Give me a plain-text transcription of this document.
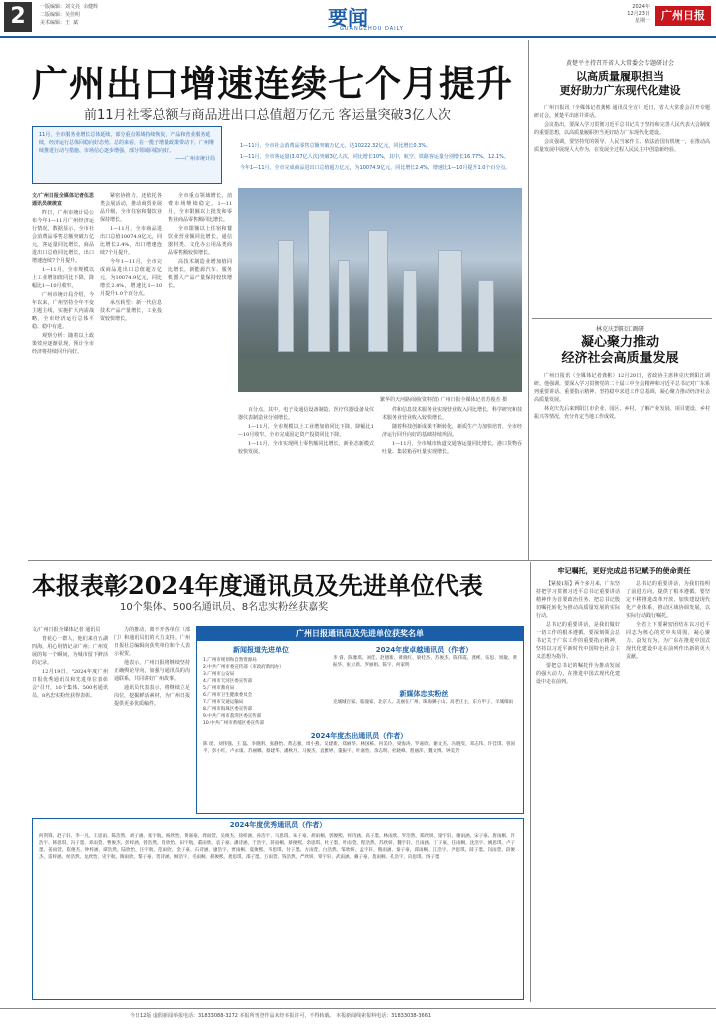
2	一版编辑：刘文亮  余健辉
二版编辑：吴佳明
美术编辑：王  斌	要闻
GUANGZHOU DAILY
2024年
12月23日
星期一	广州日报
广州出口增速连续七个月提升
前11月社零总额与商品进出口总值超万亿元 客运量突破3亿人次
11月，全市服务业增长总体延续，部分重点领域持续恢复，产品和营业服务延续，经济运行总体回稳向好态势。总的来看，在一揽子增量政策带动下，广州继续推进行动与措施、市场信心逐步增强，部分领域回稳向好。
——广州市统计局
1—11月，全市社会消费品零售总额突破万亿元，达10222.32亿元，同比增长0.3%。
1—11月，全市客运量(3.07亿人次)突破3亿人次，同比增长10%，其中，航空、铁路客运量分别增长16.77%、12.1%。
今年1—11月，全市完成商品进出口总值超万亿元，为10074.9亿元，同比增长2.4%，增速比1—10月提升1.0个百分点。
繁华的天河路商圈(资料图) 广州日报全媒体记者苏俊杰 摄

文/广州日报全媒体记者伍思 通讯员统统宣

昨日，广州市统计局公布今年1—11月广州经济运行情况。数据显示，全市社会消费品零售总额突破万亿元，客运量同比增长，商品进出口总值同比增长，出口增速连续7个月提升。

1—11月，全市规模以上工业增加值同比下降，降幅比1—10月收窄。

广州市统计局介绍，今年以来，广州坚持全年不变主题主线，实施扩大内需战略，全市经济运行总体平稳、稳中有进。

观察分析：随着以上政策效应逐渐显现，预计全市经济将持续回升向好。

紧密协推力，还依托各类会展活动，推动商贸业展品升级，全市住宿和餐饮业保持增长。

1—11月，全市商品进出口总值10074.9亿元，同比增长2.4%，出口增速连续7个月提升。

今年1—11月，全市完成商品进出口总值超万亿元，为10074.9亿元，同比增长2.4%，增速比1—10月提升1.0个百分点。

承压转型：新一代信息技术产品产量增长，工业投资较快增长。

全市重点领域增长，消费市场继续稳定。1—11月，全市限额以上批发和零售业商品零售额同比增长。

全市限额以上住宿和餐饮业营业额同比增长，通信器材类、文化办公用品类商品零售额较快增长。

高技术制造业增加值同比增长，新能源汽车、服务机器人产品产量保持较快增长。

百分点，其中，电子及通信设备制造、医疗仪器设备及仪器仪表制造业分别增长。

1—11月，全市规模以上工业增加值同比下降，降幅比1—10月收窄。全市完成固定资产投资同比下降。

1—11月，全市实现网上零售额同比增长，新业态新模式较快发展。

件和信息技术服务业实现营业收入同比增长，科学研究和技术服务业营业收入较快增长。

随着科技创新成果不断转化，新质生产力加快培育，全市经济运行回升向好的基础持续巩固。

1—11月，全市城市轨道交通客运量同比增长，港口货物吞吐量、集装箱吞吐量实现增长。

黄楚平主持召开省人大常委会专题研讨会
以高质量履职担当
更好助力广东现代化建设

广州日报讯（全媒体记者龚彬 通讯员全宣）近日，省人大常委会召开专题研讨会。黄楚平出席并讲话。

会议指出，要深入学习贯彻习近平总书记关于坚持和完善人民代表大会制度的重要思想，以高质量履职担当更好助力广东现代化建设。

会议强调，要坚持党的领导、人民当家作主、依法治国有机统一，在推动高质量发展中展现人大作为，在发展全过程人民民主中创造新经验。

林克庆到阳江调研
凝心聚力推动
经济社会高质量发展

广州日报讯（全媒体记者龚彬）12月20日，省政协主席林克庆到阳江调研。他强调，要深入学习贯彻党的二十届三中全会精神和习近平总书记对广东系列重要讲话、重要指示精神，坚持稳中求进工作总基调，凝心聚力推动经济社会高质量发展。

林克庆先后来到阳江市企业、园区、乡村，了解产业发展、项目建设、乡村振兴等情况，充分肯定当地工作成效。

本报表彰2024年度通讯员及先进单位代表
10个集体、500名通讯员、8名忠实粉丝获嘉奖

文/广州日报全媒体记者 通讯员

育花心一群人，他们来自五湖四海，用心用情记录广州；广州发展的每一个瞬间，为城市留下鲜活的记录。

12月19日，"2024年度广州日报优秀通讯员和先进单位表彰会"召开，10个集体、500名通讯员、8名忠实粉丝获得表彰。

力的推动，离不开各单位（部门）和通讯员们的大力支持。广州日报社总编辑向获奖单位和个人表示祝贺。

他表示，广州日报将继续坚持正确舆论导向，加强与通讯员的沟通联系，共同讲好广州故事。

通讯员代表表示，将继续立足岗位，挖掘鲜活素材，为广州日报提供更多优质稿件。

广州日报通讯员及先进单位获奖名单
新闻报道先进单位
1.广州市规划和自然资源局
2.中共广州市委宣传部（市政府新闻办）
3.广州市公安局
4.广州市天河区委宣传部
5.广州市教育局
6.广州市卫生健康委员会
7.广州市交通运输局
8.广州市海珠区委宣传部
9.中共广州市荔湾区委宣传部
10.中共广州市黄埔区委宣传部
2024年度卓越通讯员（作者）
李 睿、陈雅琪、刘佳、赵德新、黄晓红、梁桂杰、苏俊杰、陈伟霞、龚彬、伍思、周敏、黄振华、张立新、罗丽娟、陈宇、何家明
新媒体忠实粉丝
克城城百家、临潼家、北京人、美丽在广州、珠海狮子山、高老庄主、东方甲子、羊城细雨
2024年度杰出通讯员（作者）
陈 瑶、刘伟强、王 磊、李晓明、张静怡、黄志强、周小燕、吴建新、郑丽华、林国栋、何美玲、梁海涛、罗嘉欣、谢文杰、冯晓雯、邓志伟、许佳琪、曾国平、彭小红、卢永康、苏丽娜、蔡建华、潘秋月、马俊杰、袁雅婷、董振宇、叶嘉怡、余志明、杜晓峰、程丽萍、魏文博、钟美芳
2024年度优秀通讯员（作者）
何剑锋、赵子轩、李一凡、王思雨、陈浩然、刘子涵、张宇航、杨欣怡、黄嘉豪、周雨萱、吴俊杰、徐梓涵、孙浩宇、马思琪、朱子豪、胡雨桐、郭俊熙、何诗涵、高子墨、林雨欣、罗浩然、郑欣妍、梁宇轩、谢雨涵、宋子豪、唐雨桐、许浩宇、韩思琪、冯子墨、邓雨萱、曹俊杰、彭梓涵、曾浩然、肖欣怡、田宇航、董雨欣、袁子豪、潘诗涵、于浩宇、蒋雨桐、蔡俊熙、余思琪、杜子墨、叶雨萱、程浩然、苏欣妍、魏宇轩、吕雨涵、丁子豪、任雨桐、沈浩宇、姚思琪、卢子墨、姜雨萱、崔俊杰、钟梓涵、谭浩然、陆欣怡、汪宇航、范雨欣、金子豪、石诗涵、廖浩宇、贾雨桐、夏俊熙、韦思琪、付子墨、方雨萱、白浩然、邹欣妍、孟宇轩、熊雨涵、秦子豪、邱雨桐、江浩宇、尹思琪、薛子墨、闫雨萱、段俊杰、雷梓涵、侯浩然、龙欣怡、史宇航、陶雨欣、黎子豪、贺诗涵、顾浩宇、毛雨桐、郝俊熙、龚思琪、邵子墨、万雨萱、钱浩然、严欣妍、覃宇轩、武雨涵、戴子豪、莫雨桐、孔浩宇、向思琪、汤子墨
牢记嘱托，更好完成总书记赋予的使命责任

【紧接1版】两个多月来，广东坚持把学习贯彻习近平总书记重要讲话精神作为首要政治任务，把总书记殷切嘱托转化为推动高质量发展的实际行动。

总书记的重要讲话，是我们做好一切工作的根本遵循。要深刻领会总书记关于广东工作的重要指示精神，坚持以习近平新时代中国特色社会主义思想为指导。

要把总书记的嘱托作为推动发展的强大动力，在推进中国式现代化建设中走在前列。

总书记的重要讲话，为我们指明了前进方向、提供了根本遵循。要坚定不移推进改革开放，加快建设现代化产业体系，推动区域协调发展，以实际行动践行嘱托。

全省上下要紧密团结在以习近平同志为核心的党中央周围，凝心聚力、奋发有为，为广东在推进中国式现代化建设中走在前列作出新的更大贡献。

今日12版 虚假新闻举报电话：31833088-3272 本报所刊登作品未经本报许可，不得转载。 本报新闻线索报料电话：31833038-3661
